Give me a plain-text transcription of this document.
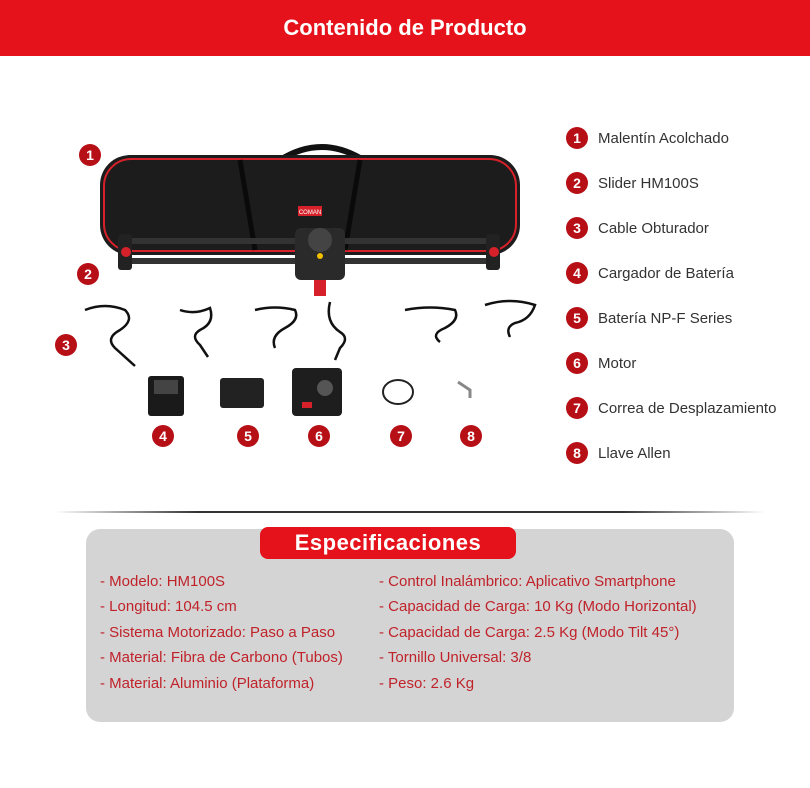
Contenido de Producto
COMAN
1
2
3
4	5	6	7	8
1	Malentín Acolchado
2	Slider HM100S
3	Cable Obturador
4	Cargador de Batería
5	Batería NP-F Series
6	Motor
7	Correa de Desplazamiento
8	Llave Allen
Especificaciones
- Modelo: HM100S
- Longitud: 104.5 cm
- Sistema Motorizado: Paso a Paso
- Material: Fibra de Carbono (Tubos)
- Material: Aluminio (Plataforma)
- Control Inalámbrico: Aplicativo Smartphone
- Capacidad de Carga: 10 Kg (Modo Horizontal)
- Capacidad de Carga: 2.5 Kg (Modo Tilt 45°)
- Tornillo Universal: 3/8
- Peso: 2.6 Kg
